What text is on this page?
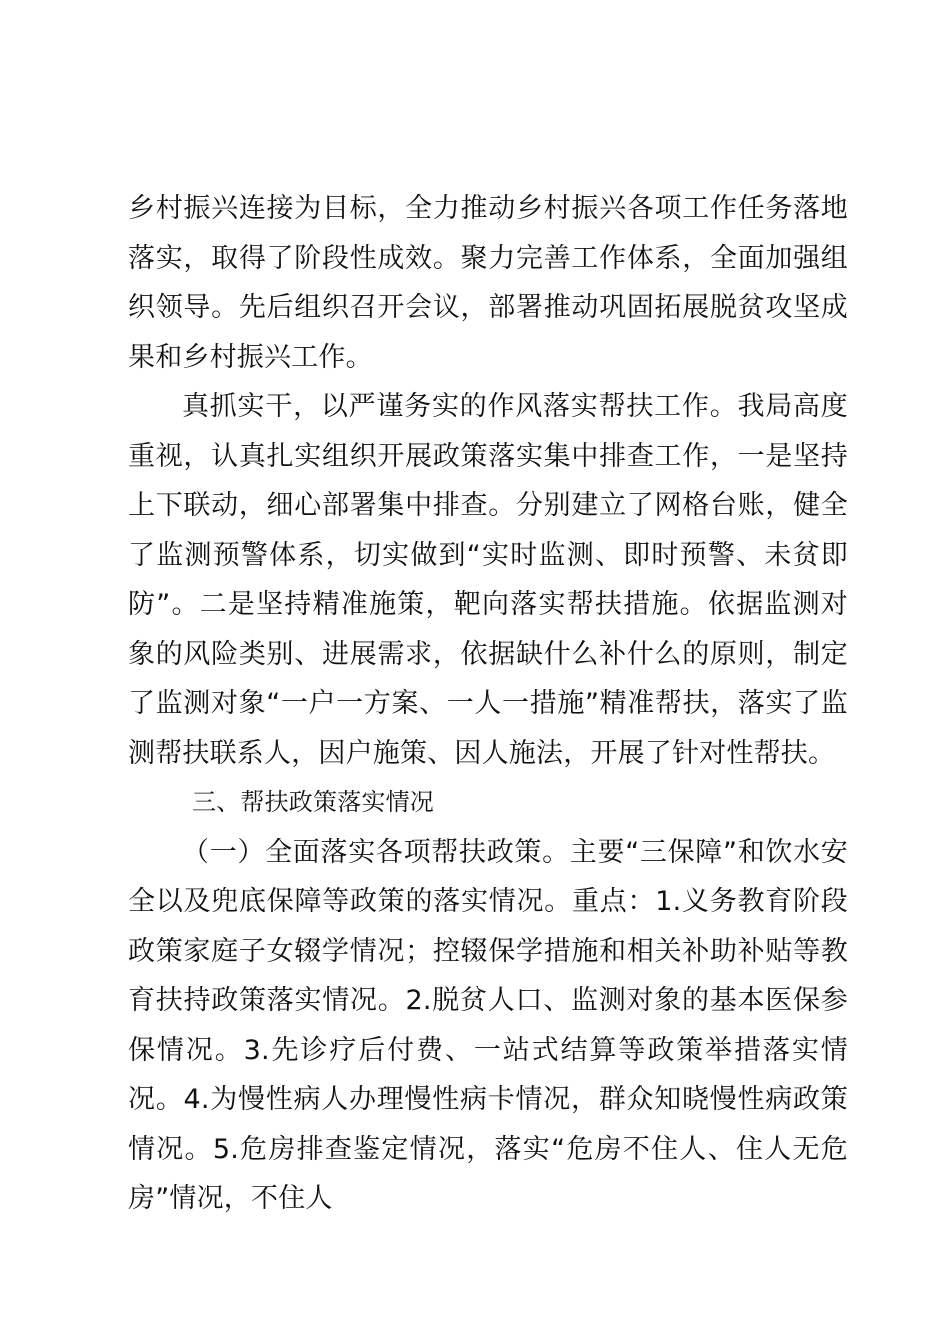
乡村振兴连接为目标，全力推动乡村振兴各项工作任务落地落实，取得了阶段性成效。聚力完善工作体系，全面加强组织领导。先后组织召开会议，部署推动巩固拓展脱贫攻坚成果和乡村振兴工作。

真抓实干，以严谨务实的作风落实帮扶工作。我局高度重视，认真扎实组织开展政策落实集中排查工作，一是坚持上下联动，细心部署集中排查。分别建立了网格台账，健全了监测预警体系，切实做到“实时监测、即时预警、未贫即防”。二是坚持精准施策，靶向落实帮扶措施。依据监测对象的风险类别、进展需求，依据缺什么补什么的原则，制定了监测对象“一户一方案、一人一措施”精准帮扶，落实了监测帮扶联系人，因户施策、因人施法，开展了针对性帮扶。

三、帮扶政策落实情况

（一）全面落实各项帮扶政策。主要“三保障”和饮水安全以及兜底保障等政策的落实情况。重点：1.义务教育阶段政策家庭子女辍学情况；控辍保学措施和相关补助补贴等教育扶持政策落实情况。2.脱贫人口、监测对象的基本医保参保情况。3.先诊疗后付费、一站式结算等政策举措落实情况。4.为慢性病人办理慢性病卡情况，群众知晓慢性病政策情况。5.危房排查鉴定情况，落实“危房不住人、住人无危房”情况，不住人
